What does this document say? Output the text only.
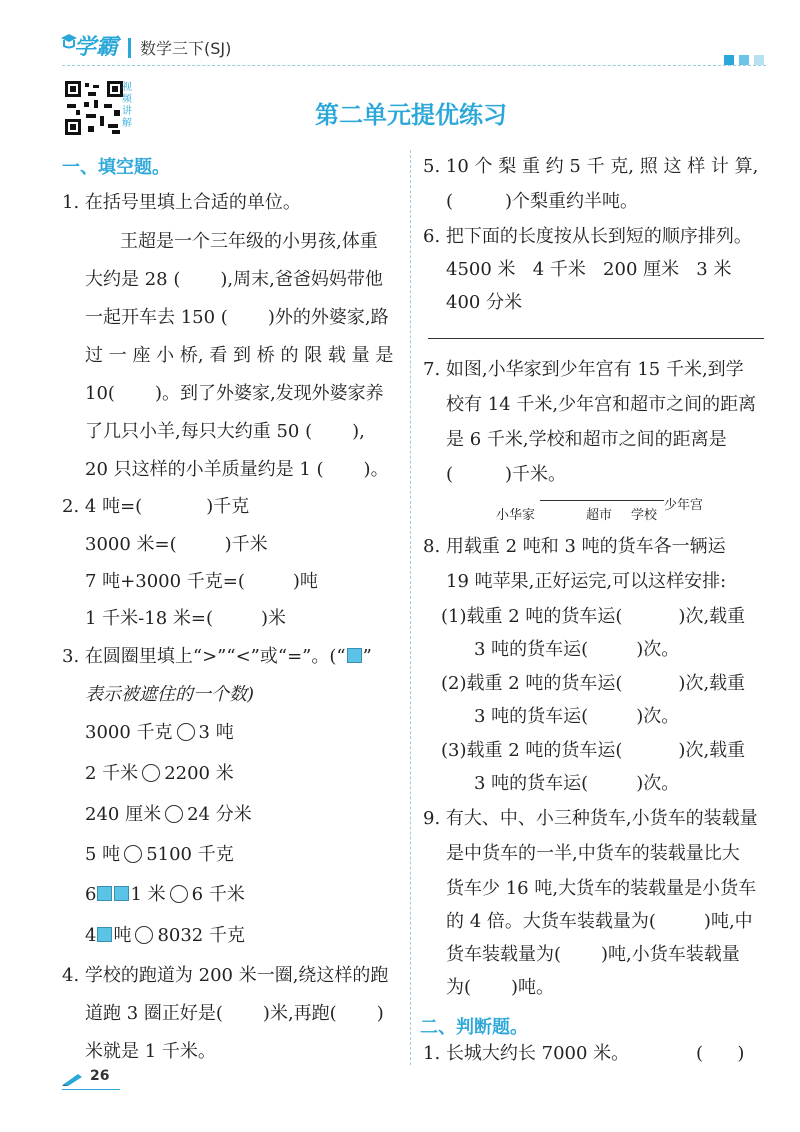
学霸 数学三下(SJ)

视频讲解	第二单元提优练习
一、填空题。
1. 在括号里填上合适的单位。
王超是一个三年级的小男孩,体重
大约是 28 ( ),周末,爸爸妈妈带他
一起开车去 150 ( )外的外婆家,路
过 一 座 小 桥, 看 到 桥 的 限 载 量 是
10( )。到了外婆家,发现外婆家养
了几只小羊,每只大约重 50 ( ),
20 只这样的小羊质量约是 1 ( )。
2. 4 吨=(	)千克
3000 米=(	)千米
7 吨+3000 千克=(	)吨
1 千米-18 米=(	)米
3. 在圆圈里填上“>”“<”或“=”。(“ ”
表示被遮住的一个数)
3000 千克 3 吨
2 千米 2200 米
240 厘米 24 分米
5 吨 5100 千克
6 1 米 6 千米
4 吨 8032 千克
4. 学校的跑道为 200 米一圈,绕这样的跑
道跑 3 圈正好是( )米,再跑( )
米就是 1 千米。
5. 10 个 梨 重 约 5 千 克, 照 这 样 计 算,
(	)个梨重约半吨。
6. 把下面的长度按从长到短的顺序排列。
4500 米   4 千米   200 厘米   3 米
400 分米
7. 如图,小华家到少年宫有 15 千米,到学
校有 14 千米,少年宫和超市之间的距离
是 6 千米,学校和超市之间的距离是
(	)千米。
小华家	超市 学校
少年宫
8. 用载重 2 吨和 3 吨的货车各一辆运
19 吨苹果,正好运完,可以这样安排:
(1)载重 2 吨的货车运(	)次,载重
3 吨的货车运(	)次。
(2)载重 2 吨的货车运(	)次,载重
3 吨的货车运(	)次。
(3)载重 2 吨的货车运(	)次,载重
3 吨的货车运(	)次。
9. 有大、中、小三种货车,小货车的装载量
是中货车的一半,中货车的装载量比大
货车少 16 吨,大货车的装载量是小货车
的 4 倍。大货车装载量为(	)吨,中
货车装载量为( )吨,小货车装载量
为( )吨。
二、判断题。
1. 长城大约长 7000 米。	(      )
26
